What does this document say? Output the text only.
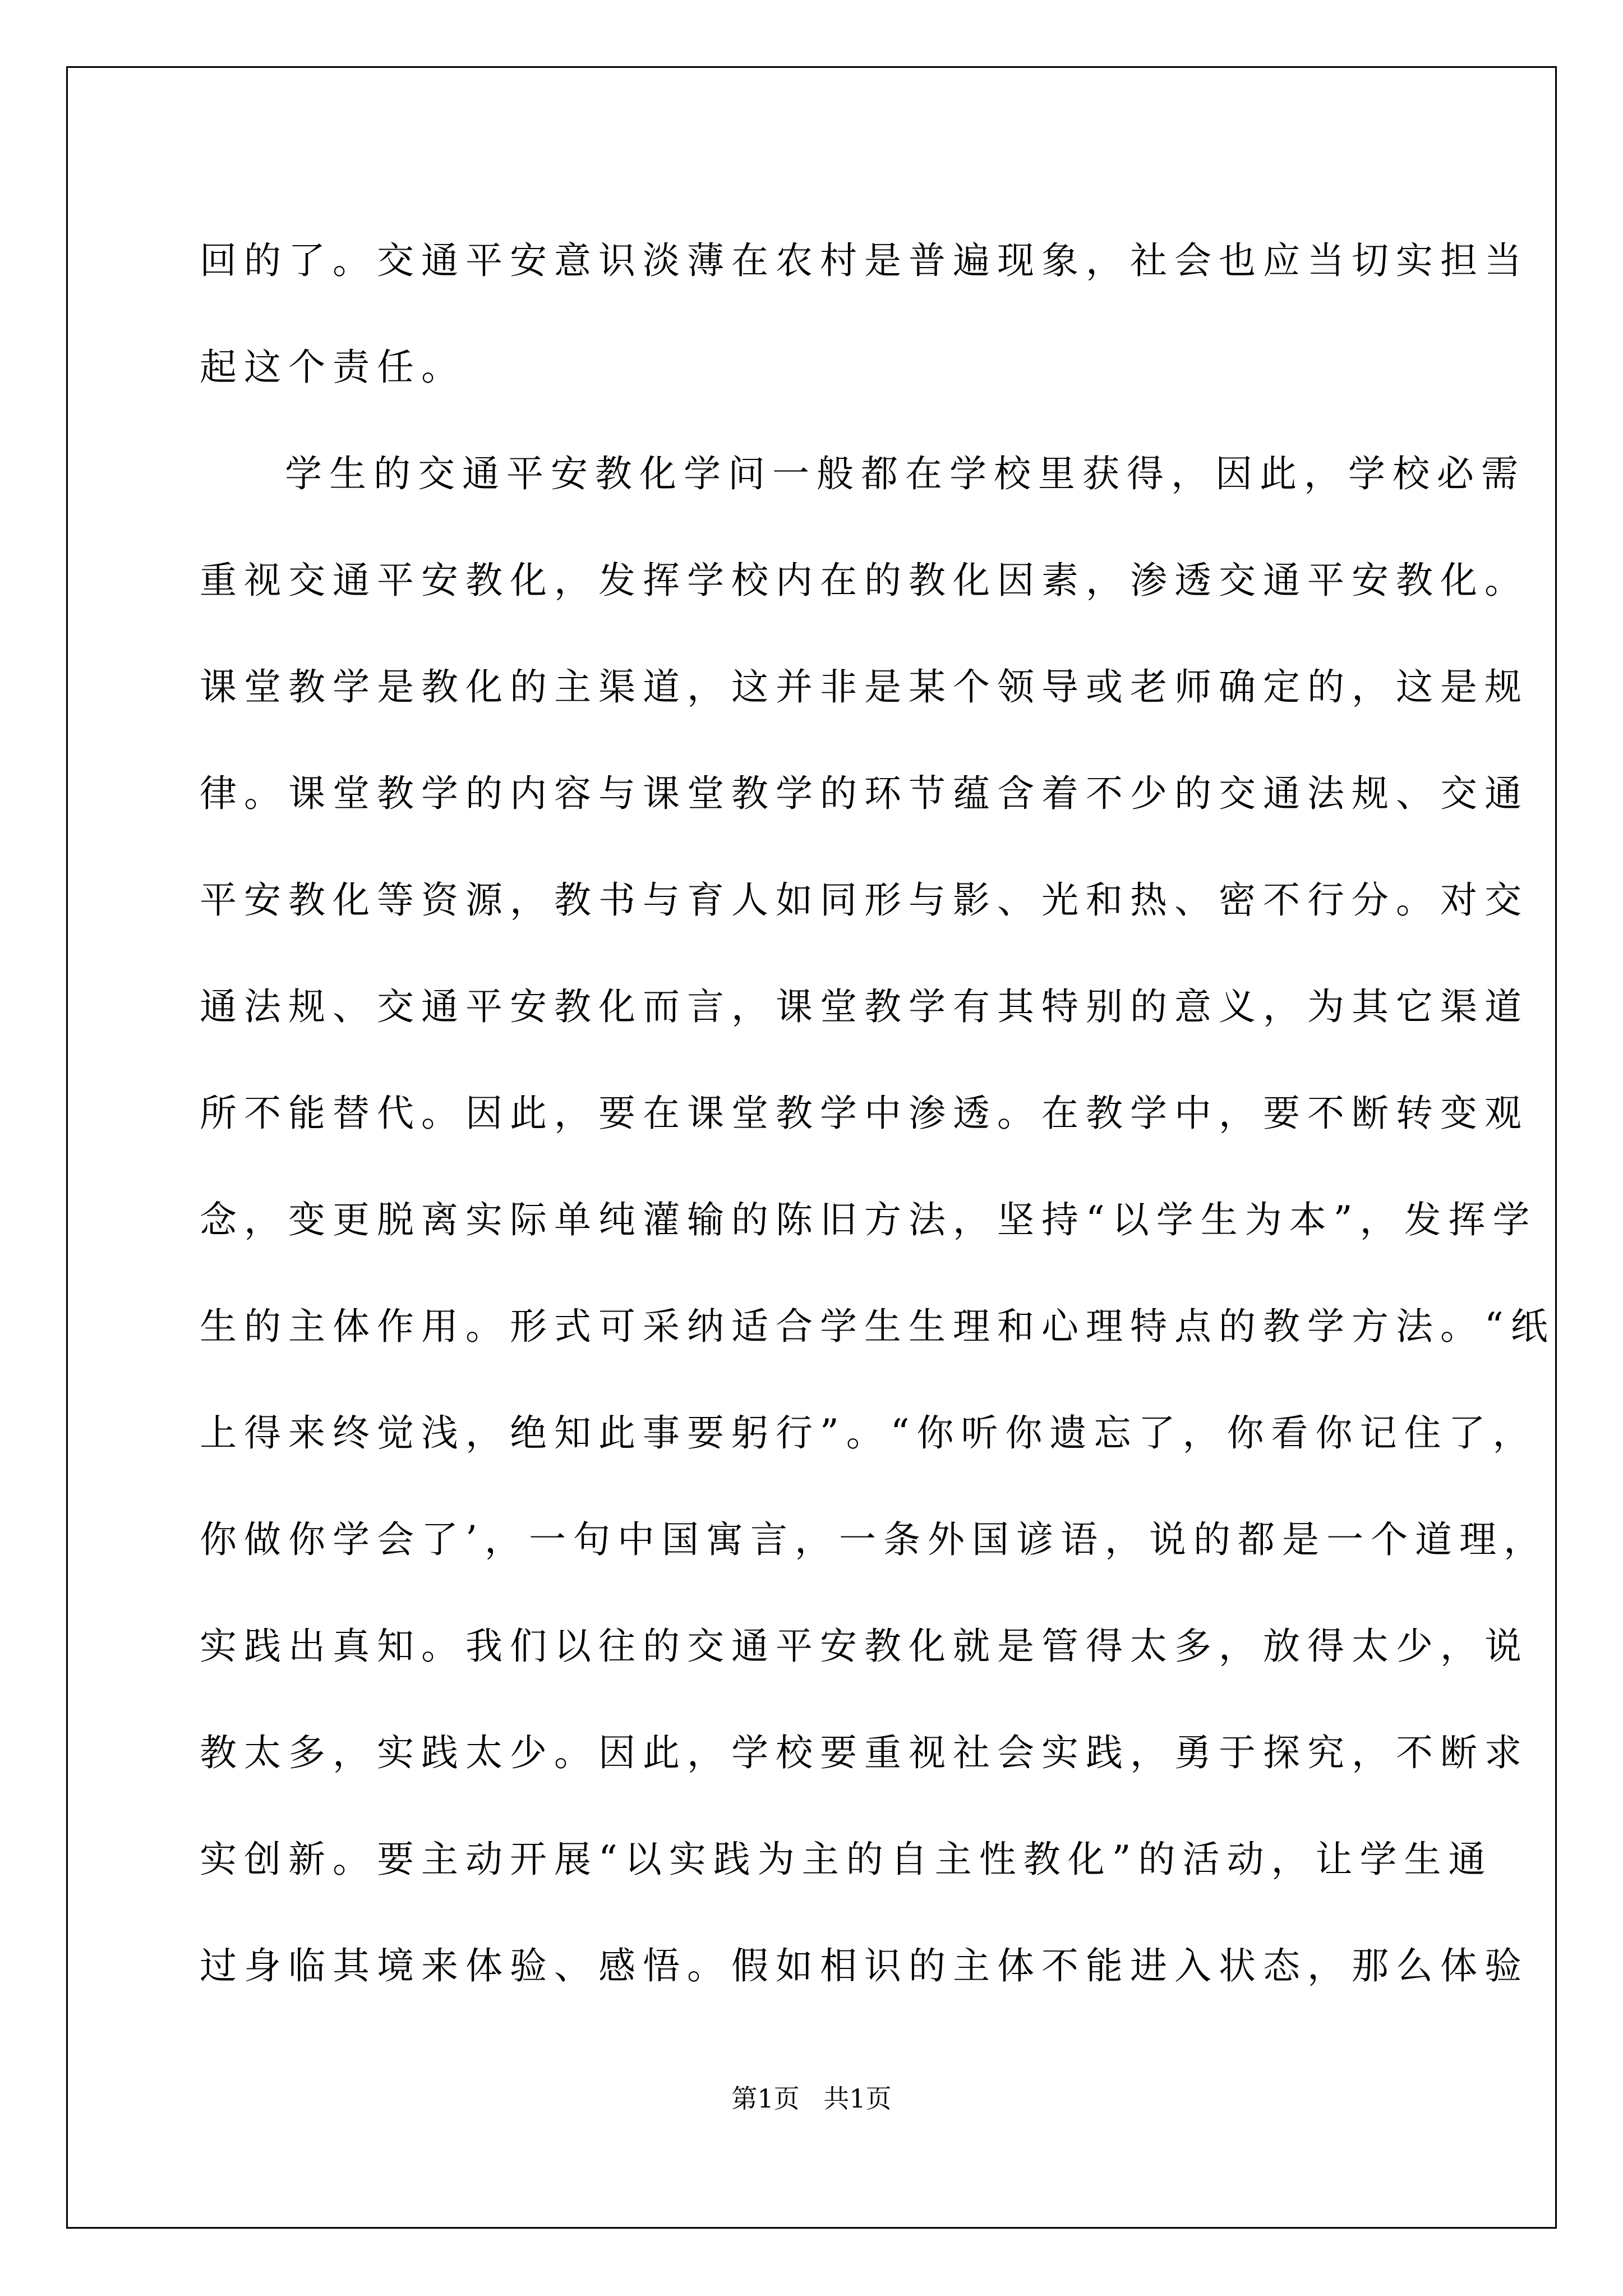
回的了。交通平安意识淡薄在农村是普遍现象，社会也应当切实担当
起这个责任。
学生的交通平安教化学问一般都在学校里获得，因此，学校必需
重视交通平安教化，发挥学校内在的教化因素，渗透交通平安教化。
课堂教学是教化的主渠道，这并非是某个领导或老师确定的，这是规
律。课堂教学的内容与课堂教学的环节蕴含着不少的交通法规、交通
平安教化等资源，教书与育人如同形与影、光和热、密不行分。对交
通法规、交通平安教化而言，课堂教学有其特别的意义，为其它渠道
所不能替代。因此，要在课堂教学中渗透。在教学中，要不断转变观
念，变更脱离实际单纯灌输的陈旧方法，坚持“以学生为本”，发挥学
生的主体作用。形式可采纳适合学生生理和心理特点的教学方法。“纸
上得来终觉浅，绝知此事要躬行”。“你听你遗忘了，你看你记住了，
你做你学会了’，一句中国寓言，一条外国谚语，说的都是一个道理，
实践出真知。我们以往的交通平安教化就是管得太多，放得太少，说
教太多，实践太少。因此，学校要重视社会实践，勇于探究，不断求
实创新。要主动开展“以实践为主的自主性教化”的活动，让学生通
过身临其境来体验、感悟。假如相识的主体不能进入状态，那么体验
第1页 共1页
